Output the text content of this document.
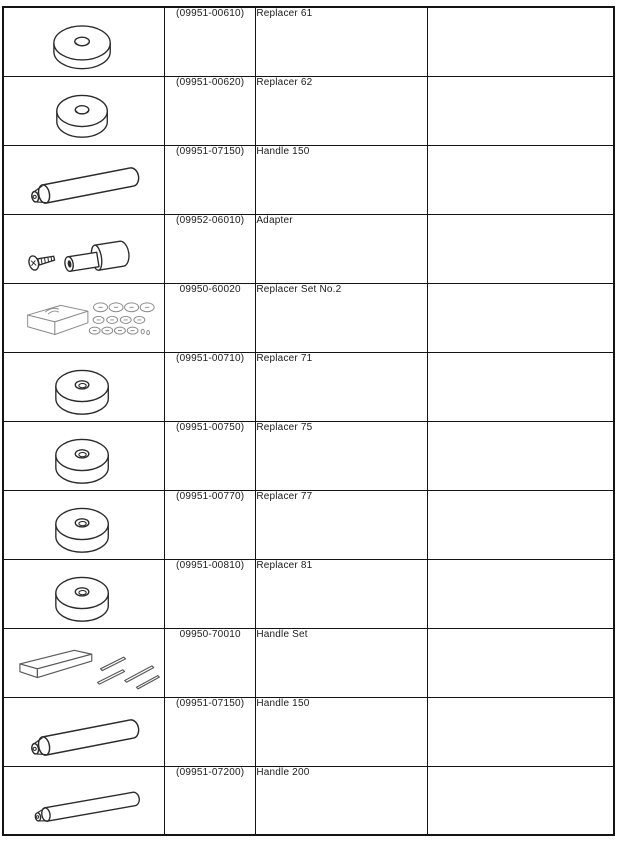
	(09951-00610)	Replacer 61	

	(09951-00620)	Replacer 62	

	(09951-07150)	Handle 150	

	(09952-06010)	Adapter	

	09950-60020	Replacer Set No.2	

	(09951-00710)	Replacer 71	

	(09951-00750)	Replacer 75	

	(09951-00770)	Replacer 77	

	(09951-00810)	Replacer 81	

	09950-70010	Handle Set	

	(09951-07150)	Handle 150	

	(09951-07200)	Handle 200	
